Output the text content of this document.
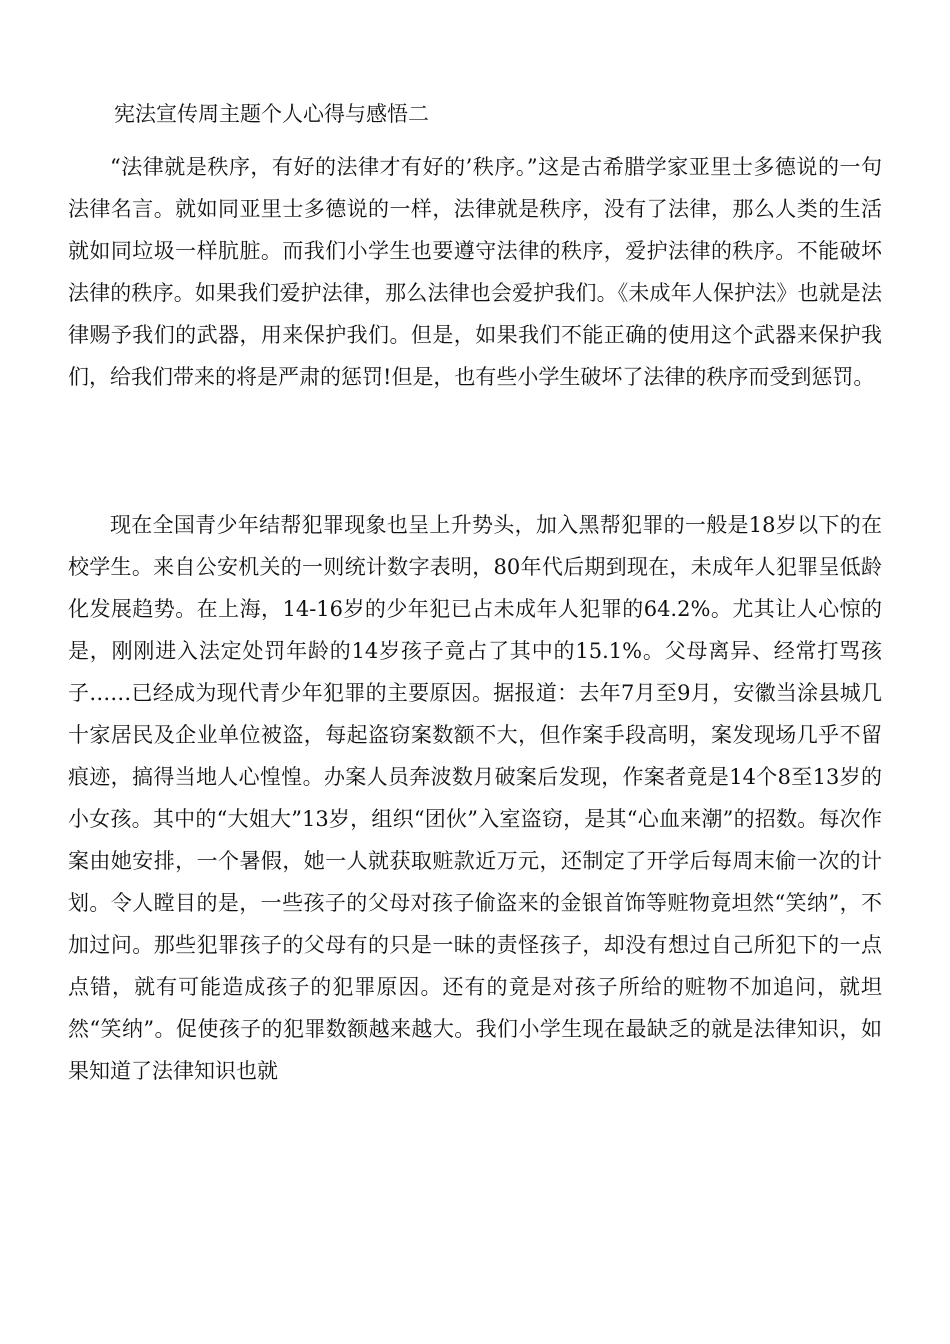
宪法宣传周主题个人心得与感悟二

“法律就是秩序，有好的法律才有好的’秩序。”这是古希腊学家亚里士多德说的一句法律名言。就如同亚里士多德说的一样，法律就是秩序，没有了法律，那么人类的生活就如同垃圾一样肮脏。而我们小学生也要遵守法律的秩序，爱护法律的秩序。不能破坏法律的秩序。如果我们爱护法律，那么法律也会爱护我们。《未成年人保护法》也就是法律赐予我们的武器，用来保护我们。但是，如果我们不能正确的使用这个武器来保护我们，给我们带来的将是严肃的惩罚!但是，也有些小学生破坏了法律的秩序而受到惩罚。

现在全国青少年结帮犯罪现象也呈上升势头，加入黑帮犯罪的一般是18岁以下的在校学生。来自公安机关的一则统计数字表明，80年代后期到现在，未成年人犯罪呈低龄化发展趋势。在上海，14-16岁的少年犯已占未成年人犯罪的64.2%。尤其让人心惊的是，刚刚进入法定处罚年龄的14岁孩子竟占了其中的15.1%。父母离异、经常打骂孩子……已经成为现代青少年犯罪的主要原因。据报道：去年7月至9月，安徽当涂县城几十家居民及企业单位被盗，每起盗窃案数额不大，但作案手段高明，案发现场几乎不留痕迹，搞得当地人心惶惶。办案人员奔波数月破案后发现，作案者竟是14个8至13岁的小女孩。其中的“大姐大”13岁，组织“团伙”入室盗窃，是其“心血来潮”的招数。每次作案由她安排，一个暑假，她一人就获取赃款近万元，还制定了开学后每周末偷一次的计划。令人瞠目的是，一些孩子的父母对孩子偷盗来的金银首饰等赃物竟坦然“笑纳”，不加过问。那些犯罪孩子的父母有的只是一昧的责怪孩子，却没有想过自己所犯下的一点点错，就有可能造成孩子的犯罪原因。还有的竟是对孩子所给的赃物不加追问，就坦然“笑纳”。促使孩子的犯罪数额越来越大。我们小学生现在最缺乏的就是法律知识，如果知道了法律知识也就
